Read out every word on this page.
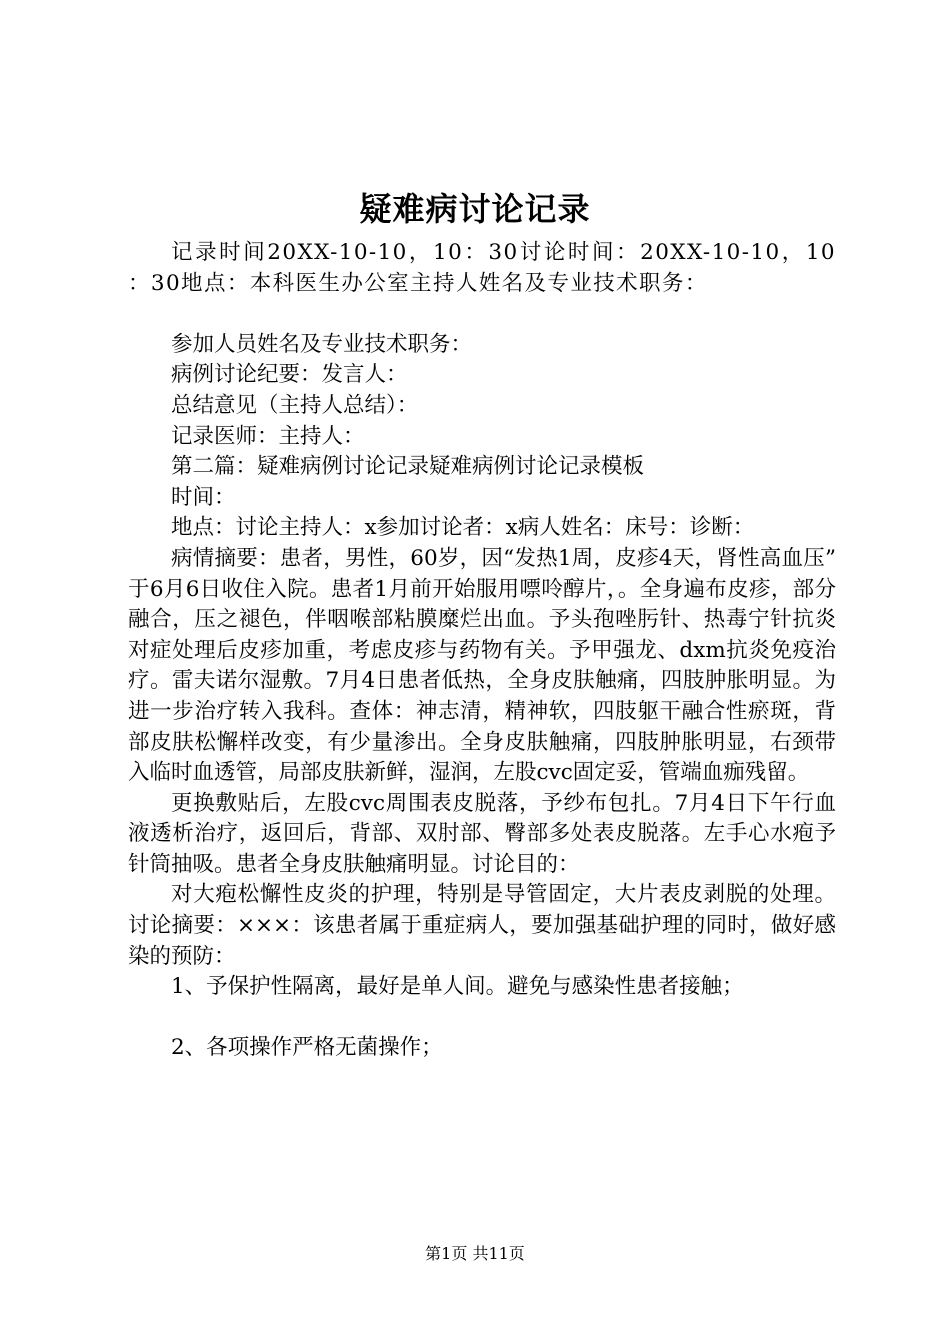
疑难病讨论记录

记录时间20XX-10-10，10：30讨论时间：20XX-10-10，10：30地点：本科医生办公室主持人姓名及专业技术职务：

参加人员姓名及专业技术职务：

病例讨论纪要：发言人：

总结意见（主持人总结）：

记录医师：主持人：

第二篇：疑难病例讨论记录疑难病例讨论记录模板

时间：

地点：讨论主持人：x参加讨论者：x病人姓名：床号：诊断：

病情摘要：患者，男性，60岁，因“发热1周，皮疹4天，肾性高血压”于6月6日收住入院。患者1月前开始服用嘌呤醇片，。全身遍布皮疹，部分融合，压之褪色，伴咽喉部粘膜糜烂出血。予头孢唑肟针、热毒宁针抗炎对症处理后皮疹加重，考虑皮疹与药物有关。予甲强龙、dxm抗炎免疫治疗。雷夫诺尔湿敷。7月4日患者低热，全身皮肤触痛，四肢肿胀明显。为进一步治疗转入我科。查体：神志清，精神软，四肢躯干融合性瘀斑，背部皮肤松懈样改变，有少量渗出。全身皮肤触痛，四肢肿胀明显，右颈带入临时血透管，局部皮肤新鲜，湿润，左股cvc固定妥，管端血痂残留。

更换敷贴后，左股cvc周围表皮脱落，予纱布包扎。7月4日下午行血液透析治疗，返回后，背部、双肘部、臀部多处表皮脱落。左手心水疱予针筒抽吸。患者全身皮肤触痛明显。讨论目的：

对大疱松懈性皮炎的护理，特别是导管固定，大片表皮剥脱的处理。讨论摘要：×××：该患者属于重症病人，要加强基础护理的同时，做好感染的预防：

1、予保护性隔离，最好是单人间。避免与感染性患者接触；

2、各项操作严格无菌操作；

第1页 共11页
